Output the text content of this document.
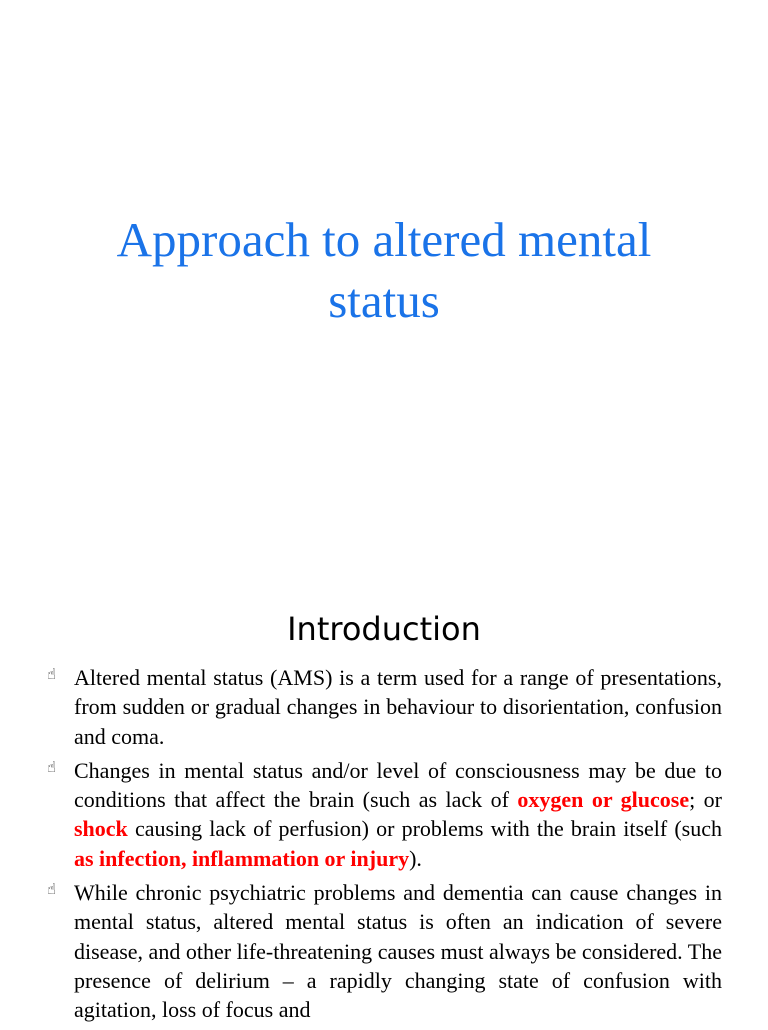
Approach to altered mental status
Introduction
☝ Altered mental status (AMS) is a term used for a range of presentations, from sudden or gradual changes in behaviour to disorientation, confusion and coma.
☝ Changes in mental status and/or level of consciousness may be due to conditions that affect the brain (such as lack of oxygen or glucose; or shock causing lack of perfusion) or problems with the brain itself (such as infection, inflammation or injury).
☝ While chronic psychiatric problems and dementia can cause changes in mental status, altered mental status is often an indication of severe disease, and other life-threatening causes must always be considered. The presence of delirium – a rapidly changing state of confusion with agitation, loss of focus and
